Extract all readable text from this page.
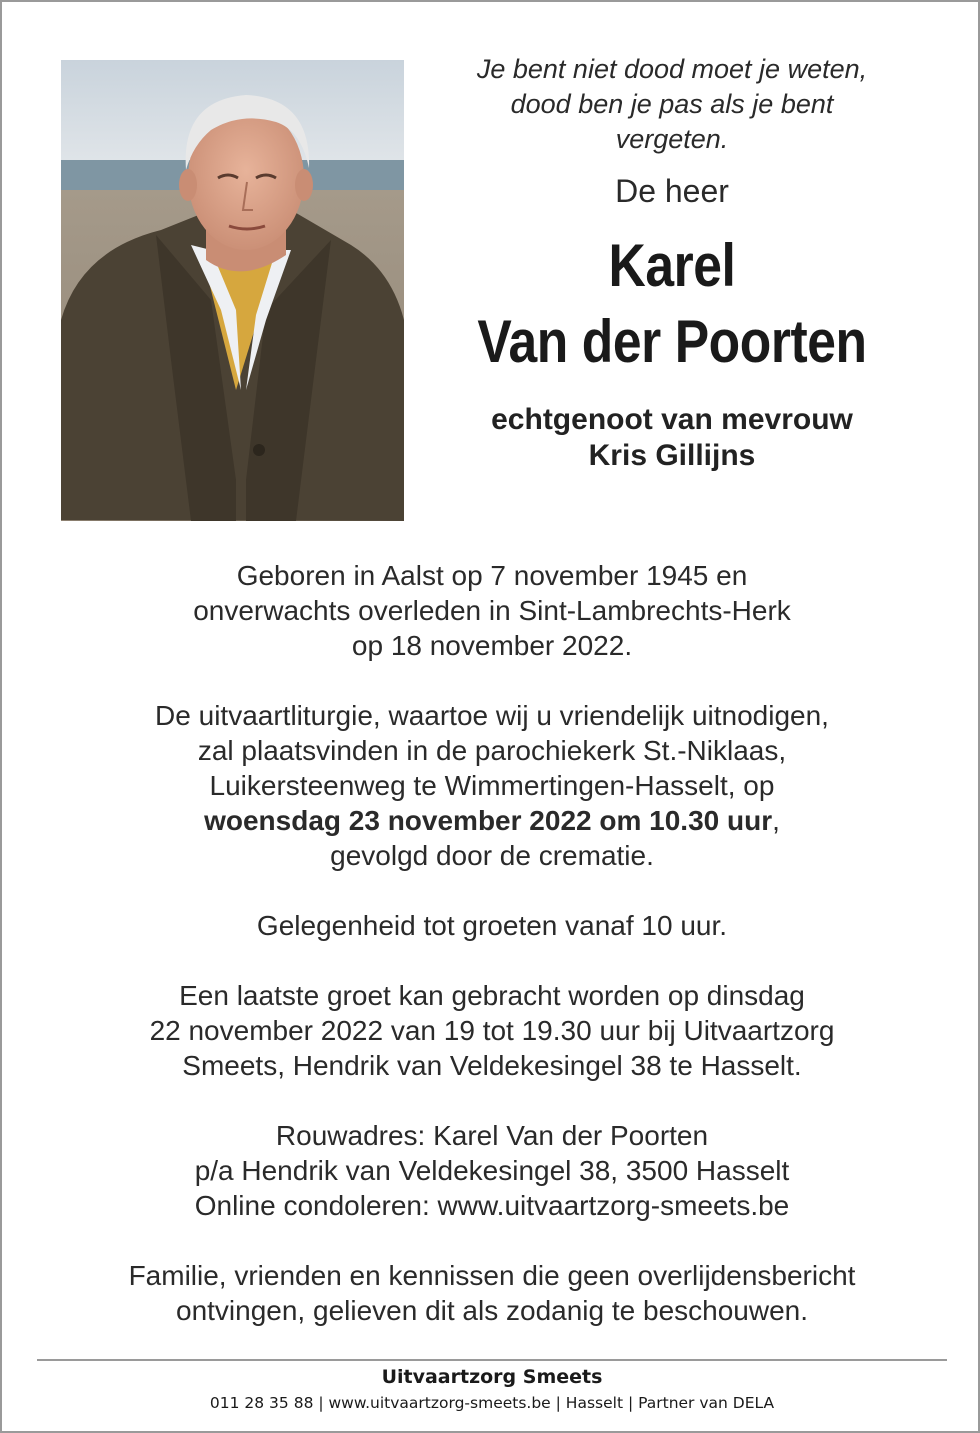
Je bent niet dood moet je weten,
dood ben je pas als je bent
vergeten.

De heer
Karel
Van der Poorten
echtgenoot van mevrouw
Kris Gillijns

Geboren in Aalst op 7 november 1945 en
onverwachts overleden in Sint-Lambrechts-Herk
op 18 november 2022.

De uitvaartliturgie, waartoe wij u vriendelijk uitnodigen,
zal plaatsvinden in de parochiekerk St.-Niklaas,
Luikersteenweg te Wimmertingen-Hasselt, op
woensdag 23 november 2022 om 10.30 uur,
gevolgd door de crematie.

Gelegenheid tot groeten vanaf 10 uur.

Een laatste groet kan gebracht worden op dinsdag
22 november 2022 van 19 tot 19.30 uur bij Uitvaartzorg
Smeets, Hendrik van Veldekesingel 38 te Hasselt.

Rouwadres: Karel Van der Poorten
p/a Hendrik van Veldekesingel 38, 3500 Hasselt
Online condoleren: www.uitvaartzorg-smeets.be

Familie, vrienden en kennissen die geen overlijdensbericht
ontvingen, gelieven dit als zodanig te beschouwen.

Uitvaartzorg Smeets
011 28 35 88 | www.uitvaartzorg-smeets.be | Hasselt | Partner van DELA
